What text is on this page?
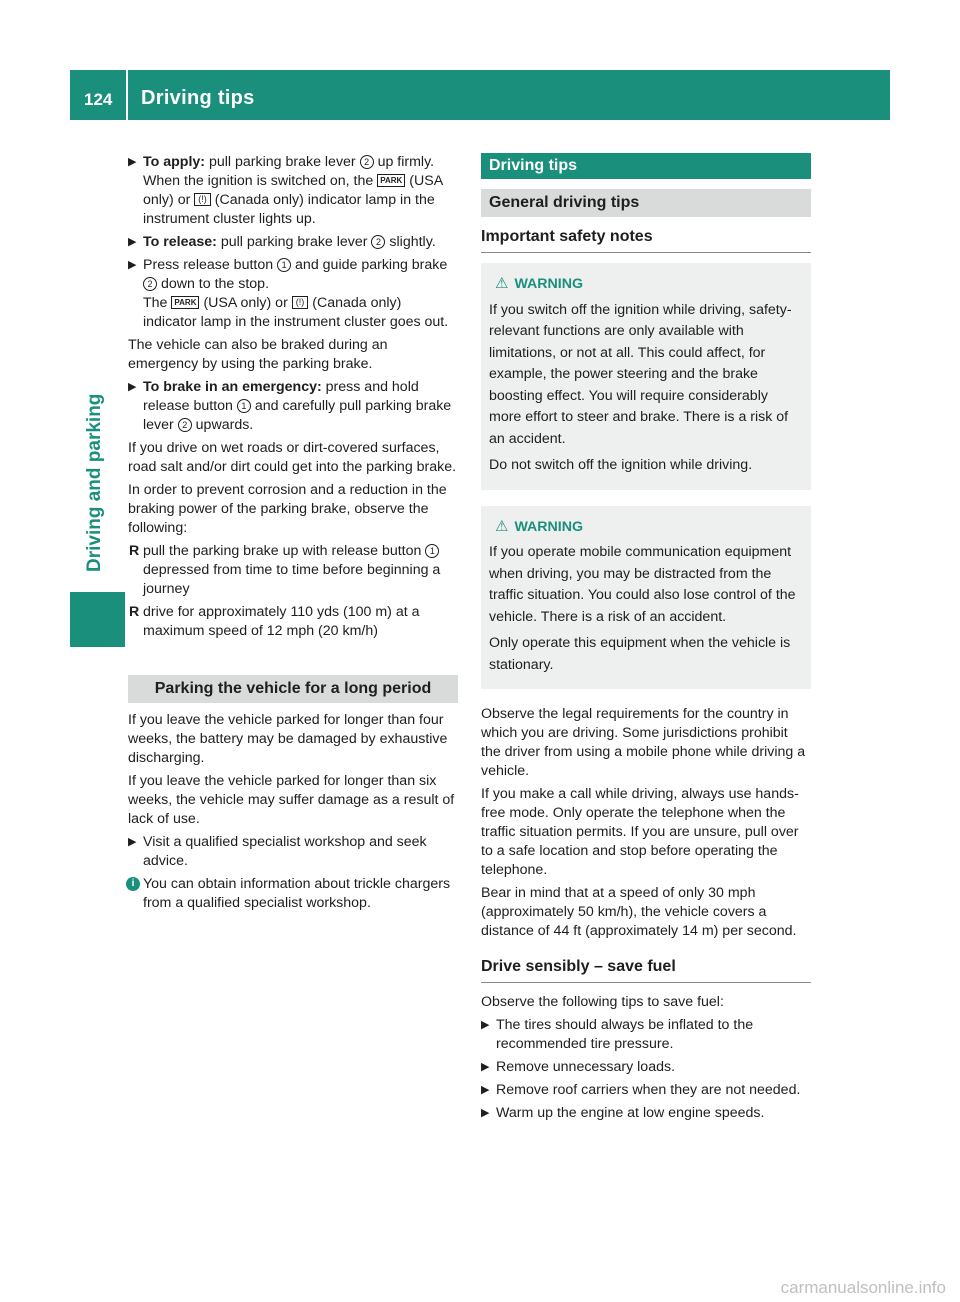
124 Driving tips
Driving and parking
▶ To apply: pull parking brake lever 2 up firmly.
When the ignition is switched on, the PARK (USA only) or (!) (Canada only) indicator lamp in the instrument cluster lights up.
▶ To release: pull parking brake lever 2 slightly.
▶ Press release button 1 and guide parking brake 2 down to the stop.
The PARK (USA only) or (!) (Canada only) indicator lamp in the instrument cluster goes out.

The vehicle can also be braked during an emergency by using the parking brake.

▶ To brake in an emergency: press and hold release button 1 and carefully pull parking brake lever 2 upwards.

If you drive on wet roads or dirt-covered surfaces, road salt and/or dirt could get into the parking brake.

In order to prevent corrosion and a reduction in the braking power of the parking brake, observe the following:

R pull the parking brake up with release button 1 depressed from time to time before beginning a journey
R drive for approximately 110 yds (100 m) at a maximum speed of 12 mph (20 km/h)
Parking the vehicle for a long period

If you leave the vehicle parked for longer than four weeks, the battery may be damaged by exhaustive discharging.

If you leave the vehicle parked for longer than six weeks, the vehicle may suffer damage as a result of lack of use.

▶ Visit a qualified specialist workshop and seek advice.
i You can obtain information about trickle chargers from a qualified specialist workshop.
Driving tips
General driving tips
Important safety notes
⚠ WARNING

If you switch off the ignition while driving, safety-relevant functions are only available with limitations, or not at all. This could affect, for example, the power steering and the brake boosting effect. You will require considerably more effort to steer and brake. There is a risk of an accident.

Do not switch off the ignition while driving.

⚠ WARNING

If you operate mobile communication equipment when driving, you may be distracted from the traffic situation. You could also lose control of the vehicle. There is a risk of an accident.

Only operate this equipment when the vehicle is stationary.

Observe the legal requirements for the country in which you are driving. Some jurisdictions prohibit the driver from using a mobile phone while driving a vehicle.

If you make a call while driving, always use hands-free mode. Only operate the telephone when the traffic situation permits. If you are unsure, pull over to a safe location and stop before operating the telephone.

Bear in mind that at a speed of only 30 mph (approximately 50 km/h), the vehicle covers a distance of 44 ft (approximately 14 m) per second.

Drive sensibly – save fuel

Observe the following tips to save fuel:

▶ The tires should always be inflated to the recommended tire pressure.
▶ Remove unnecessary loads.
▶ Remove roof carriers when they are not needed.
▶ Warm up the engine at low engine speeds.
carmanualsonline.info
